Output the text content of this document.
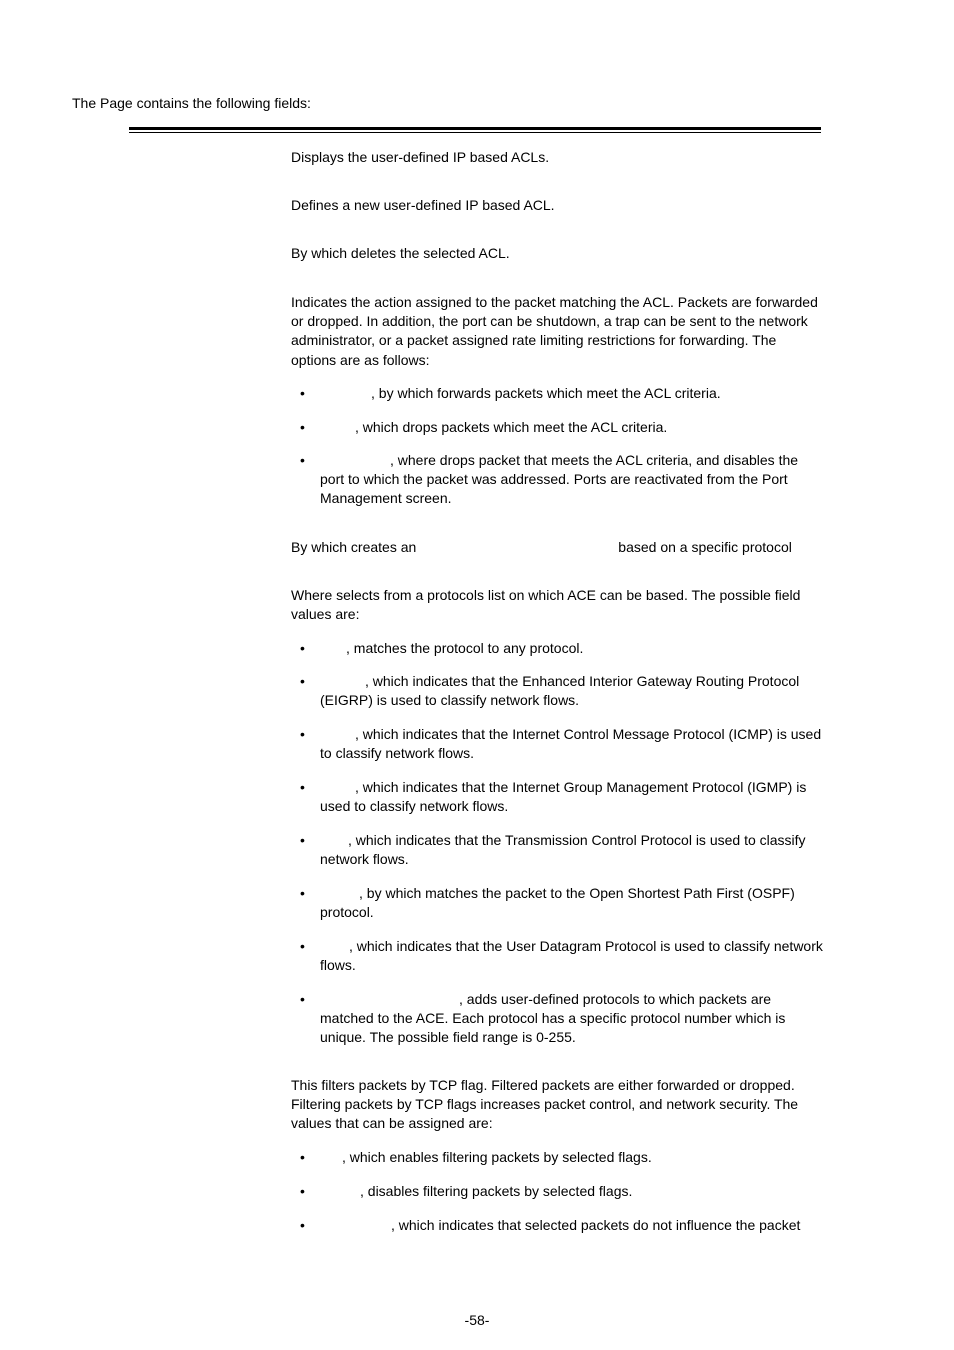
The Page contains the following fields:

Displays the user-defined IP based ACLs.
Defines a new user-defined IP based ACL.
By which deletes the selected ACL.
Indicates the action assigned to the packet matching the ACL. Packets are forwarded or dropped. In addition, the port can be shutdown, a trap can be sent to the network administrator, or a packet assigned rate limiting restrictions for forwarding. The options are as follows:
•	, by which forwards packets which meet the ACL criteria.
•	, which drops packets which meet the ACL criteria.
•	, where drops packet that meets the ACL criteria, and disables the port to which the packet was addressed. Ports are reactivated from the Port Management screen.
By which creates an	based on a specific protocol
Where selects from a protocols list on which ACE can be based. The possible field values are:
•	, matches the protocol to any protocol.
•	, which indicates that the Enhanced Interior Gateway Routing Protocol (EIGRP) is used to classify network flows.
•	, which indicates that the Internet Control Message Protocol (ICMP) is used to classify network flows.
•	, which indicates that the Internet Group Management Protocol (IGMP) is used to classify network flows.
•	, which indicates that the Transmission Control Protocol is used to classify network flows.
•	, by which matches the packet to the Open Shortest Path First (OSPF) protocol.
•	, which indicates that the User Datagram Protocol is used to classify network flows.
•	, adds user-defined protocols to which packets are matched to the ACE. Each protocol has a specific protocol number which is unique. The possible field range is 0-255.
This filters packets by TCP flag. Filtered packets are either forwarded or dropped. Filtering packets by TCP flags increases packet control, and network security. The values that can be assigned are:
•	, which enables filtering packets by selected flags.
•	, disables filtering packets by selected flags.
•	, which indicates that selected packets do not influence the packet
-58-
